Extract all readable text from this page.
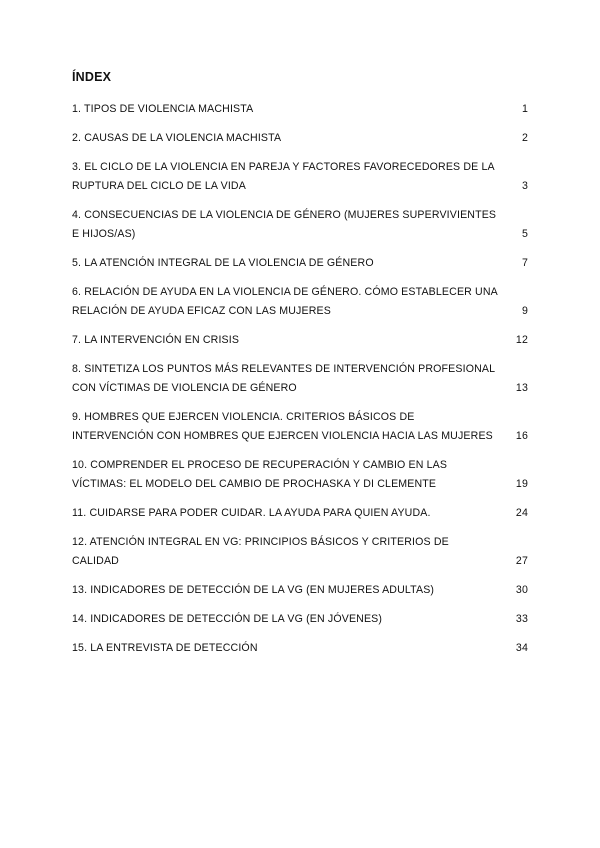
ÍNDEX
1. TIPOS DE VIOLENCIA MACHISTA	1
2. CAUSAS DE LA VIOLENCIA MACHISTA	2
3. EL CICLO DE LA VIOLENCIA EN PAREJA Y FACTORES FAVORECEDORES DE LA RUPTURA DEL CICLO DE LA VIDA	3
4. CONSECUENCIAS DE LA VIOLENCIA DE GÉNERO (MUJERES SUPERVIVIENTES E HIJOS/AS)	5
5. LA ATENCIÓN INTEGRAL DE LA VIOLENCIA DE GÉNERO	7
6. RELACIÓN DE AYUDA EN LA VIOLENCIA DE GÉNERO. CÓMO ESTABLECER UNA RELACIÓN DE AYUDA EFICAZ CON LAS MUJERES	9
7. LA INTERVENCIÓN EN CRISIS	12
8. SINTETIZA LOS PUNTOS MÁS RELEVANTES DE INTERVENCIÓN PROFESIONAL CON VÍCTIMAS DE VIOLENCIA DE GÉNERO	13
9. HOMBRES QUE EJERCEN VIOLENCIA. CRITERIOS BÁSICOS DE INTERVENCIÓN CON HOMBRES QUE EJERCEN VIOLENCIA HACIA LAS MUJERES	16
10. COMPRENDER EL PROCESO DE RECUPERACIÓN Y CAMBIO EN LAS VÍCTIMAS: EL MODELO DEL CAMBIO DE PROCHASKA Y DI CLEMENTE	19
11. CUIDARSE PARA PODER CUIDAR. LA AYUDA PARA QUIEN AYUDA.	24
12. ATENCIÓN INTEGRAL EN VG: PRINCIPIOS BÁSICOS Y CRITERIOS DE CALIDAD	27
13. INDICADORES DE DETECCIÓN DE LA VG (EN MUJERES ADULTAS)	30
14. INDICADORES DE DETECCIÓN DE LA VG (EN JÓVENES)	33
15. LA ENTREVISTA DE DETECCIÓN	34
